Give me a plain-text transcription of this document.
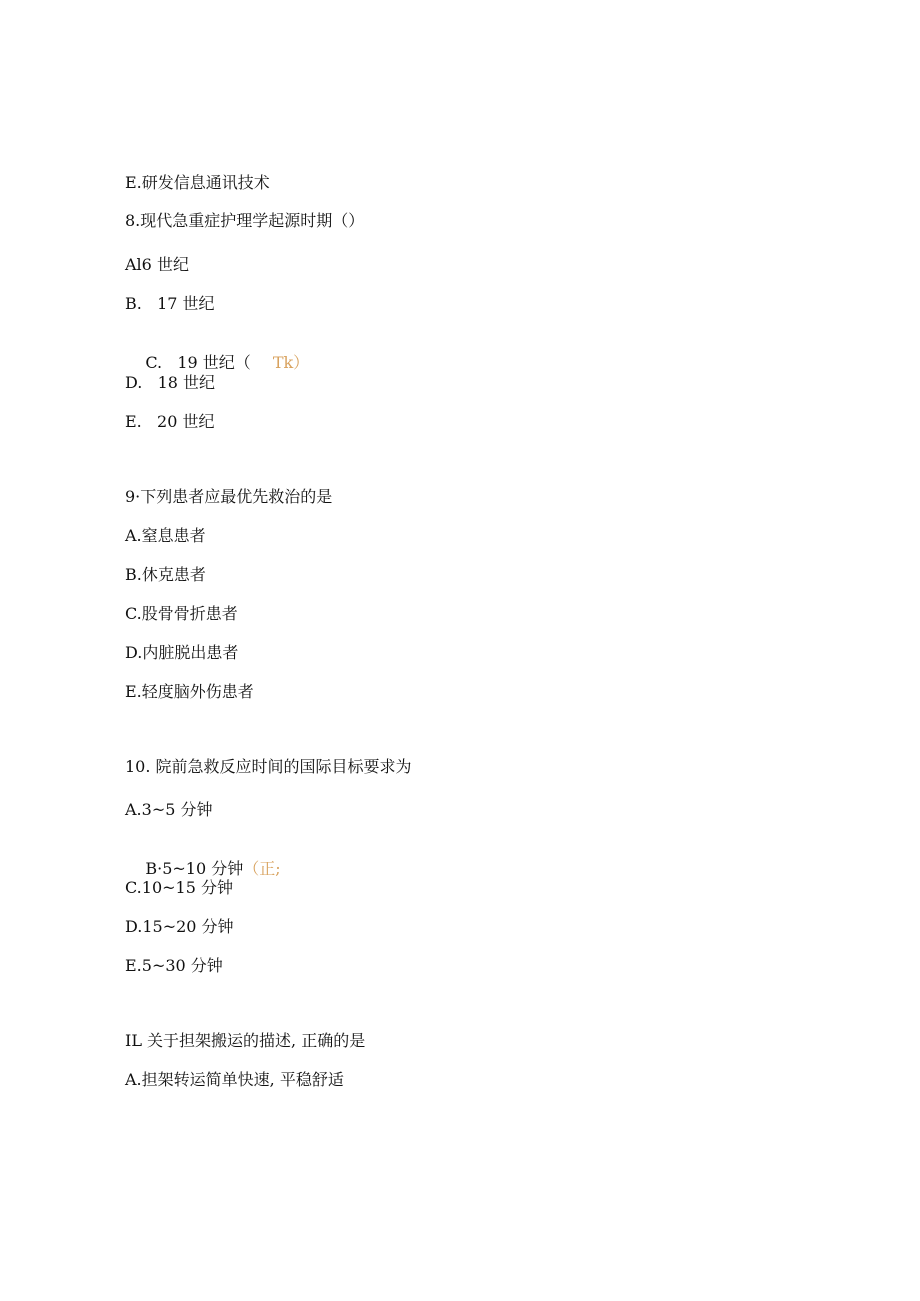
E.研发信息通讯技术
8.现代急重症护理学起源时期（）
Al6 世纪
B.   17 世纪

C.   19 世纪（ Tk）

D.   18 世纪
E.   20 世纪
9·下列患者应最优先救治的是
A.窒息患者
B.休克患者
C.股骨骨折患者
D.内脏脱出患者
E.轻度脑外伤患者
10. 院前急救反应时间的国际目标要求为
A.3~5 分钟

B·5~10 分钟（正;

C.10~15 分钟
D.15~20 分钟
E.5~30 分钟
IL 关于担架搬运的描述, 正确的是
A.担架转运简单快速, 平稳舒适
